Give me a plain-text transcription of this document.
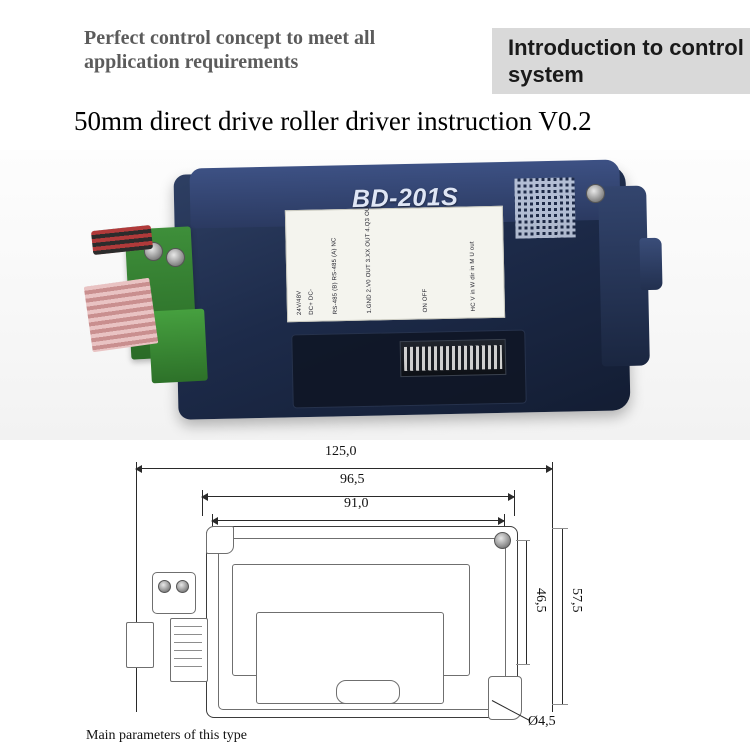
Perfect control concept to meet all application requirements
Introduction to control system
50mm direct drive roller driver instruction V0.2
24V/48V DC+ DC-	RS-485 (B) RS-485 (A) NC	1.GND 2.V0 OUT 3.XX OUT 4.Q3 OUT	ON OFF	HC V in W dir in M U out
BD-201S
125,0
96,5
91,0
46,5 57,5
Ø4,5
Main parameters of this type
